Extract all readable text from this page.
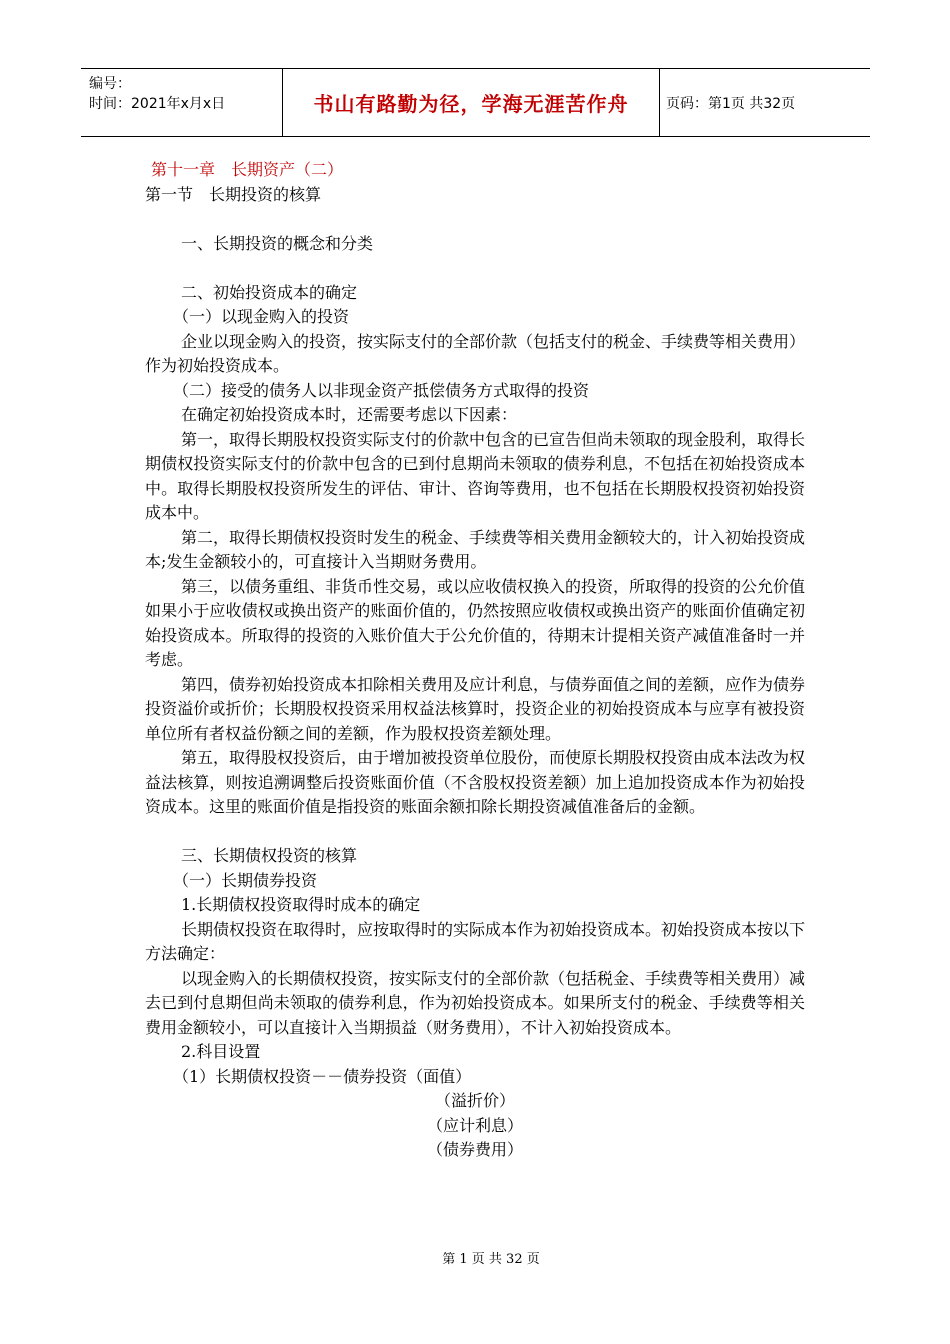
编号：
时间：2021年x月x日	书山有路勤为径，学海无涯苦作舟	页码：第1页 共32页
第十一章　长期资产（二）
第一节　长期投资的核算
一、长期投资的概念和分类
二、初始投资成本的确定
（一）以现金购入的投资
企业以现金购入的投资，按实际支付的全部价款（包括支付的税金、手续费等相关费用）作为初始投资成本。
（二）接受的债务人以非现金资产抵偿债务方式取得的投资
在确定初始投资成本时，还需要考虑以下因素：
第一，取得长期股权投资实际支付的价款中包含的已宣告但尚未领取的现金股利，取得长期债权投资实际支付的价款中包含的已到付息期尚未领取的债券利息，不包括在初始投资成本中。取得长期股权投资所发生的评估、审计、咨询等费用，也不包括在长期股权投资初始投资成本中。
第二，取得长期债权投资时发生的税金、手续费等相关费用金额较大的，计入初始投资成本;发生金额较小的，可直接计入当期财务费用。
第三，以债务重组、非货币性交易，或以应收债权换入的投资，所取得的投资的公允价值如果小于应收债权或换出资产的账面价值的，仍然按照应收债权或换出资产的账面价值确定初始投资成本。所取得的投资的入账价值大于公允价值的，待期末计提相关资产减值准备时一并考虑。
第四，债券初始投资成本扣除相关费用及应计利息，与债券面值之间的差额，应作为债券投资溢价或折价；长期股权投资采用权益法核算时，投资企业的初始投资成本与应享有被投资单位所有者权益份额之间的差额，作为股权投资差额处理。
第五，取得股权投资后，由于增加被投资单位股份，而使原长期股权投资由成本法改为权益法核算，则按追溯调整后投资账面价值（不含股权投资差额）加上追加投资成本作为初始投资成本。这里的账面价值是指投资的账面余额扣除长期投资减值准备后的金额。
三、长期债权投资的核算
（一）长期债券投资
1.长期债权投资取得时成本的确定
长期债权投资在取得时，应按取得时的实际成本作为初始投资成本。初始投资成本按以下方法确定：
以现金购入的长期债权投资，按实际支付的全部价款（包括税金、手续费等相关费用）减去已到付息期但尚未领取的债券利息，作为初始投资成本。如果所支付的税金、手续费等相关费用金额较小，可以直接计入当期损益（财务费用），不计入初始投资成本。
2.科目设置
（1）长期债权投资－－债券投资（面值）
（溢折价）
（应计利息）
（债券费用）
第 1 页 共 32 页
